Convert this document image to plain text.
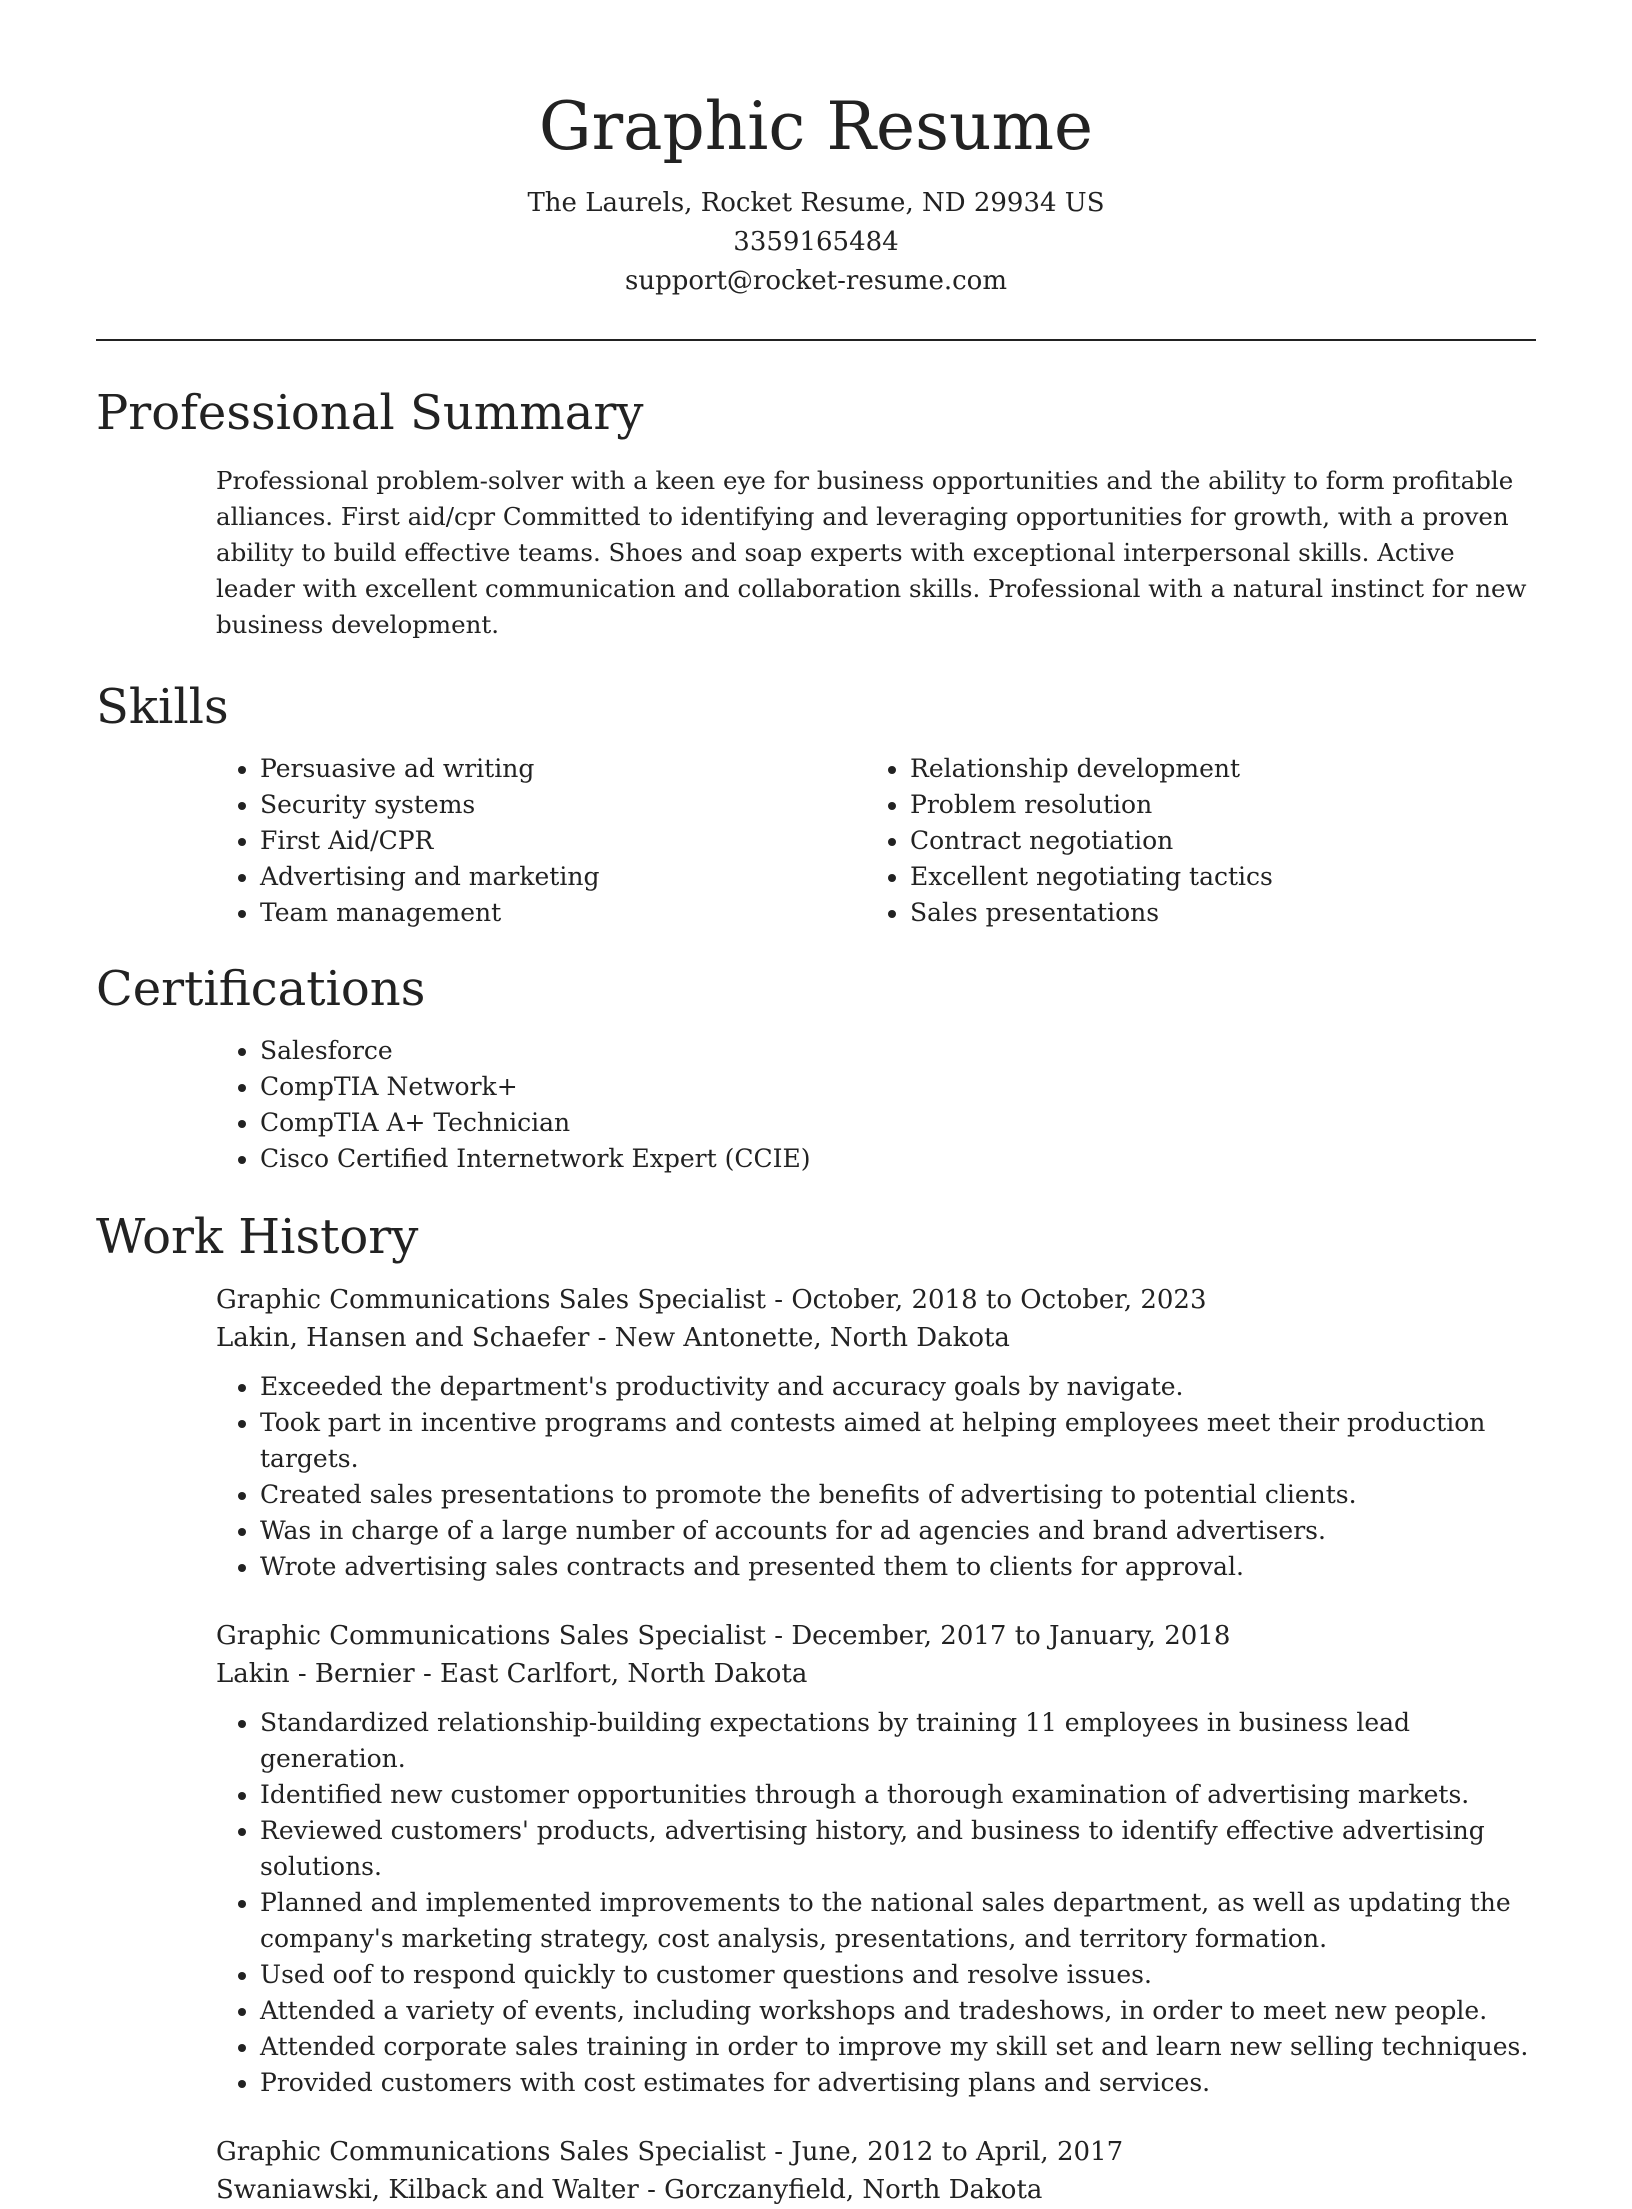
Graphic Resume
The Laurels, Rocket Resume, ND 29934 US
3359165484
support@rocket-resume.com
Professional Summary

Professional problem-solver with a keen eye for business opportunities and the ability to form profitable alliances. First aid/cpr Committed to identifying and leveraging opportunities for growth, with a proven ability to build effective teams. Shoes and soap experts with exceptional interpersonal skills. Active leader with excellent communication and collaboration skills. Professional with a natural instinct for new business development.

Skills
• Persuasive ad writing
• Security systems
• First Aid/CPR
• Advertising and marketing
• Team management
• Relationship development
• Problem resolution
• Contract negotiation
• Excellent negotiating tactics
• Sales presentations
Certifications
• Salesforce
• CompTIA Network+
• CompTIA A+ Technician
• Cisco Certified Internetwork Expert (CCIE)
Work History
Graphic Communications Sales Specialist - October, 2018 to October, 2023
Lakin, Hansen and Schaefer - New Antonette, North Dakota
• Exceeded the department's productivity and accuracy goals by navigate.
• Took part in incentive programs and contests aimed at helping employees meet their production targets.
• Created sales presentations to promote the benefits of advertising to potential clients.
• Was in charge of a large number of accounts for ad agencies and brand advertisers.
• Wrote advertising sales contracts and presented them to clients for approval.
Graphic Communications Sales Specialist - December, 2017 to January, 2018
Lakin - Bernier - East Carlfort, North Dakota
• Standardized relationship-building expectations by training 11 employees in business lead generation.
• Identified new customer opportunities through a thorough examination of advertising markets.
• Reviewed customers' products, advertising history, and business to identify effective advertising solutions.
• Planned and implemented improvements to the national sales department, as well as updating the company's marketing strategy, cost analysis, presentations, and territory formation.
• Used oof to respond quickly to customer questions and resolve issues.
• Attended a variety of events, including workshops and tradeshows, in order to meet new people.
• Attended corporate sales training in order to improve my skill set and learn new selling techniques.
• Provided customers with cost estimates for advertising plans and services.
Graphic Communications Sales Specialist - June, 2012 to April, 2017
Swaniawski, Kilback and Walter - Gorczanyfield, North Dakota
